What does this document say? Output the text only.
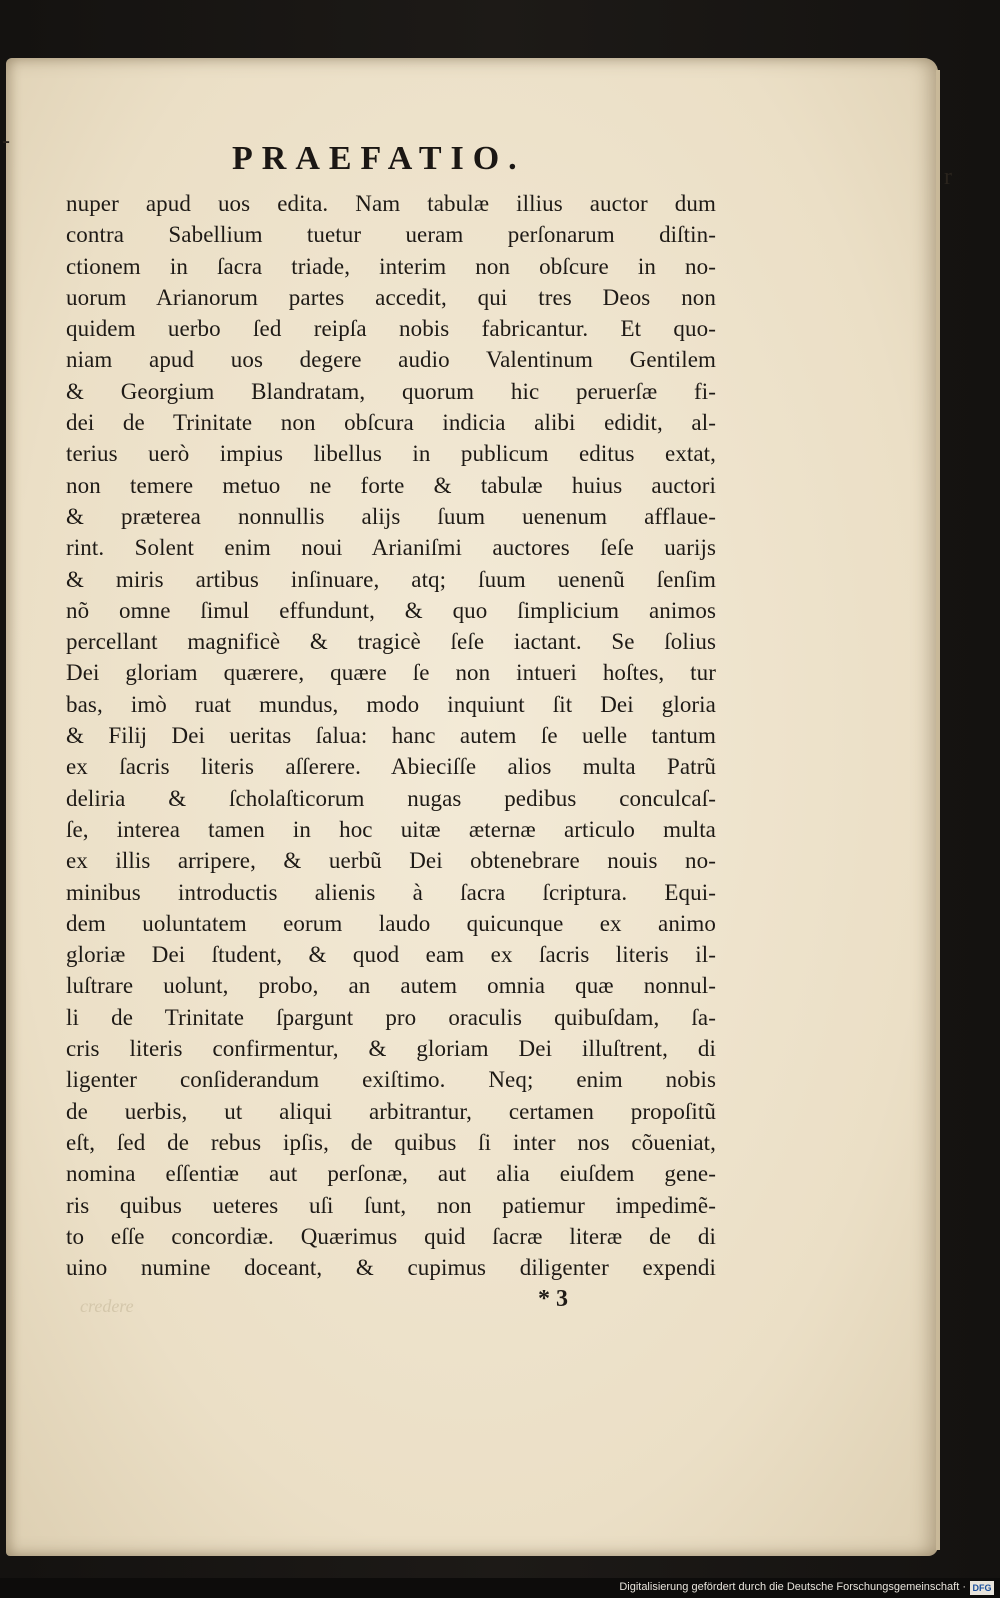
‐
r
PRAEFATIO.
nuper apud uos edita. Nam tabulæ illius auctor dum
contra Sabellium tuetur ueram perſonarum diſtin-
ctionem in ſacra triade, interim non obſcure in no-
uorum Arianorum partes accedit, qui tres Deos non
quidem uerbo ſed reipſa nobis fabricantur. Et quo-
niam apud uos degere audio Valentinum Gentilem
& Georgium Blandratam, quorum hic peruerſæ fi-
dei de Trinitate non obſcura indicia alibi edidit, al-
terius uerò impius libellus in publicum editus extat,
non temere metuo ne forte & tabulæ huius auctori
& præterea nonnullis alijs ſuum uenenum afflaue-
rint. Solent enim noui Arianiſmi auctores ſeſe uarijs
& miris artibus inſinuare, atq; ſuum uenenũ ſenſim
nõ omne ſimul effundunt, & quo ſimplicium animos
percellant magnificè & tragicè ſeſe iactant. Se ſolius
Dei gloriam quærere, quære ſe non intueri hoſtes, tur
bas, imò ruat mundus, modo inquiunt ſit Dei gloria
& Filij Dei ueritas ſalua: hanc autem ſe uelle tantum
ex ſacris literis aſſerere. Abieciſſe alios multa Patrũ
deliria & ſcholaſticorum nugas pedibus conculcaſ-
ſe, interea tamen in hoc uitæ æternæ articulo multa
ex illis arripere, & uerbũ Dei obtenebrare nouis no-
minibus introductis alienis à ſacra ſcriptura. Equi-
dem uoluntatem eorum laudo quicunque ex animo
gloriæ Dei ſtudent, & quod eam ex ſacris literis il-
luſtrare uolunt, probo, an autem omnia quæ nonnul-
li de Trinitate ſpargunt pro oraculis quibuſdam, ſa-
cris literis confirmentur, & gloriam Dei illuſtrent, di
ligenter conſiderandum exiſtimo. Neq; enim nobis
de uerbis, ut aliqui arbitrantur, certamen propoſitũ
eſt, ſed de rebus ipſis, de quibus ſi inter nos cõueniat,
nomina eſſentiæ aut perſonæ, aut alia eiuſdem gene-
ris quibus ueteres uſi ſunt, non patiemur impedimẽ-
to eſſe concordiæ. Quærimus quid ſacræ literæ de di
uino numine doceant, & cupimus diligenter expendi
credere	* 3
Digitalisierung gefördert durch die Deutsche Forschungsgemeinschaft · DFG
